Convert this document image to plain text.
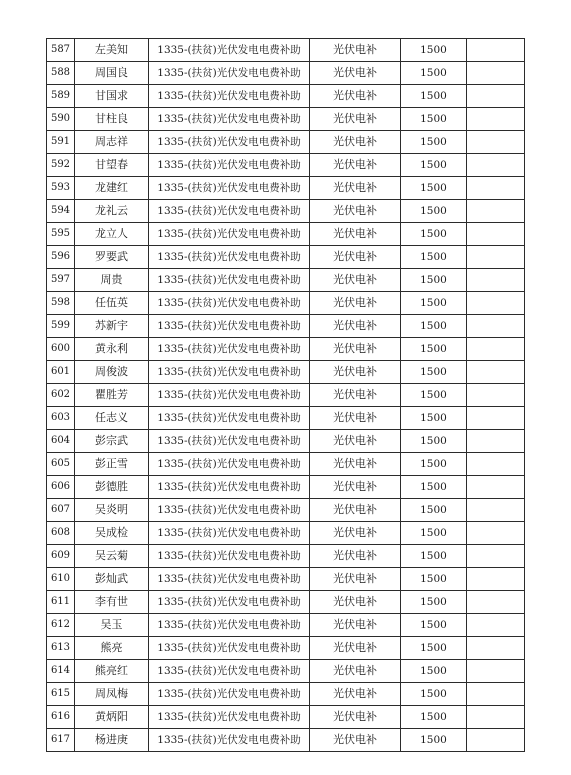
587	左美知	1335-(扶贫)光伏发电电费补助	光伏电补	1500	
588	周国良	1335-(扶贫)光伏发电电费补助	光伏电补	1500	
589	甘国求	1335-(扶贫)光伏发电电费补助	光伏电补	1500	
590	甘柱良	1335-(扶贫)光伏发电电费补助	光伏电补	1500	
591	周志祥	1335-(扶贫)光伏发电电费补助	光伏电补	1500	
592	甘望春	1335-(扶贫)光伏发电电费补助	光伏电补	1500	
593	龙建红	1335-(扶贫)光伏发电电费补助	光伏电补	1500	
594	龙礼云	1335-(扶贫)光伏发电电费补助	光伏电补	1500	
595	龙立人	1335-(扶贫)光伏发电电费补助	光伏电补	1500	
596	罗要武	1335-(扶贫)光伏发电电费补助	光伏电补	1500	
597	周贵	1335-(扶贫)光伏发电电费补助	光伏电补	1500	
598	任伍英	1335-(扶贫)光伏发电电费补助	光伏电补	1500	
599	苏新宇	1335-(扶贫)光伏发电电费补助	光伏电补	1500	
600	黄永利	1335-(扶贫)光伏发电电费补助	光伏电补	1500	
601	周俊波	1335-(扶贫)光伏发电电费补助	光伏电补	1500	
602	瞿胜芳	1335-(扶贫)光伏发电电费补助	光伏电补	1500	
603	任志义	1335-(扶贫)光伏发电电费补助	光伏电补	1500	
604	彭宗武	1335-(扶贫)光伏发电电费补助	光伏电补	1500	
605	彭正雪	1335-(扶贫)光伏发电电费补助	光伏电补	1500	
606	彭德胜	1335-(扶贫)光伏发电电费补助	光伏电补	1500	
607	吴炎明	1335-(扶贫)光伏发电电费补助	光伏电补	1500	
608	吴成检	1335-(扶贫)光伏发电电费补助	光伏电补	1500	
609	吴云菊	1335-(扶贫)光伏发电电费补助	光伏电补	1500	
610	彭灿武	1335-(扶贫)光伏发电电费补助	光伏电补	1500	
611	李有世	1335-(扶贫)光伏发电电费补助	光伏电补	1500	
612	吴玉	1335-(扶贫)光伏发电电费补助	光伏电补	1500	
613	熊亮	1335-(扶贫)光伏发电电费补助	光伏电补	1500	
614	熊亮红	1335-(扶贫)光伏发电电费补助	光伏电补	1500	
615	周凤梅	1335-(扶贫)光伏发电电费补助	光伏电补	1500	
616	黄炳阳	1335-(扶贫)光伏发电电费补助	光伏电补	1500	
617	杨进庚	1335-(扶贫)光伏发电电费补助	光伏电补	1500	
